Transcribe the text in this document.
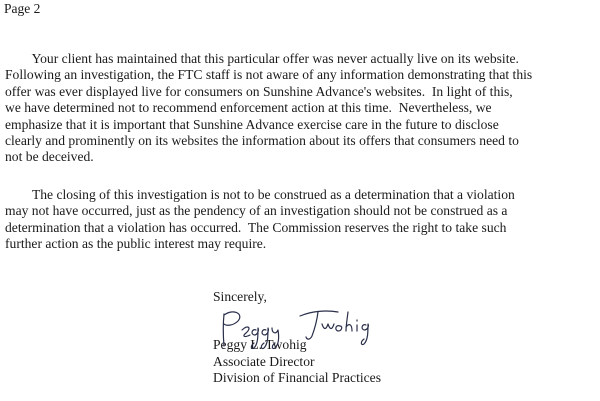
Page 2

Your client has maintained that this particular offer was never actually live on its website.
Following an investigation, the FTC staff is not aware of any information demonstrating that this
offer was ever displayed live for consumers on Sunshine Advance's websites.  In light of this,
we have determined not to recommend enforcement action at this time.  Nevertheless, we
emphasize that it is important that Sunshine Advance exercise care in the future to disclose
clearly and prominently on its websites the information about its offers that consumers need to
not be deceived.

The closing of this investigation is not to be construed as a determination that a violation
may not have occurred, just as the pendency of an investigation should not be construed as a
determination that a violation has occurred.  The Commission reserves the right to take such
further action as the public interest may require.

Sincerely,
Peggy L. Twohig
Associate Director
Division of Financial Practices
